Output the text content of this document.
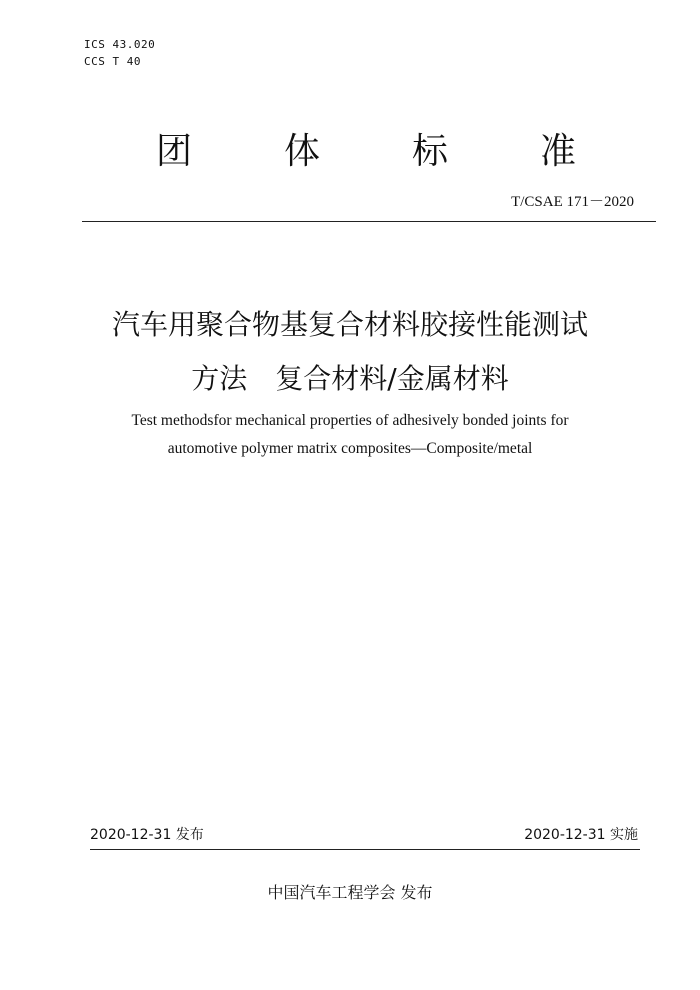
ICS 43.020
CCS T 40
团	体	标	准
T/CSAE 171－2020
汽车用聚合物基复合材料胶接性能测试
方法　复合材料/金属材料
Test methodsfor mechanical properties of adhesively bonded joints for
automotive polymer matrix composites—Composite/metal
2020-12-31 发布	2020-12-31 实施
中国汽车工程学会 发布
